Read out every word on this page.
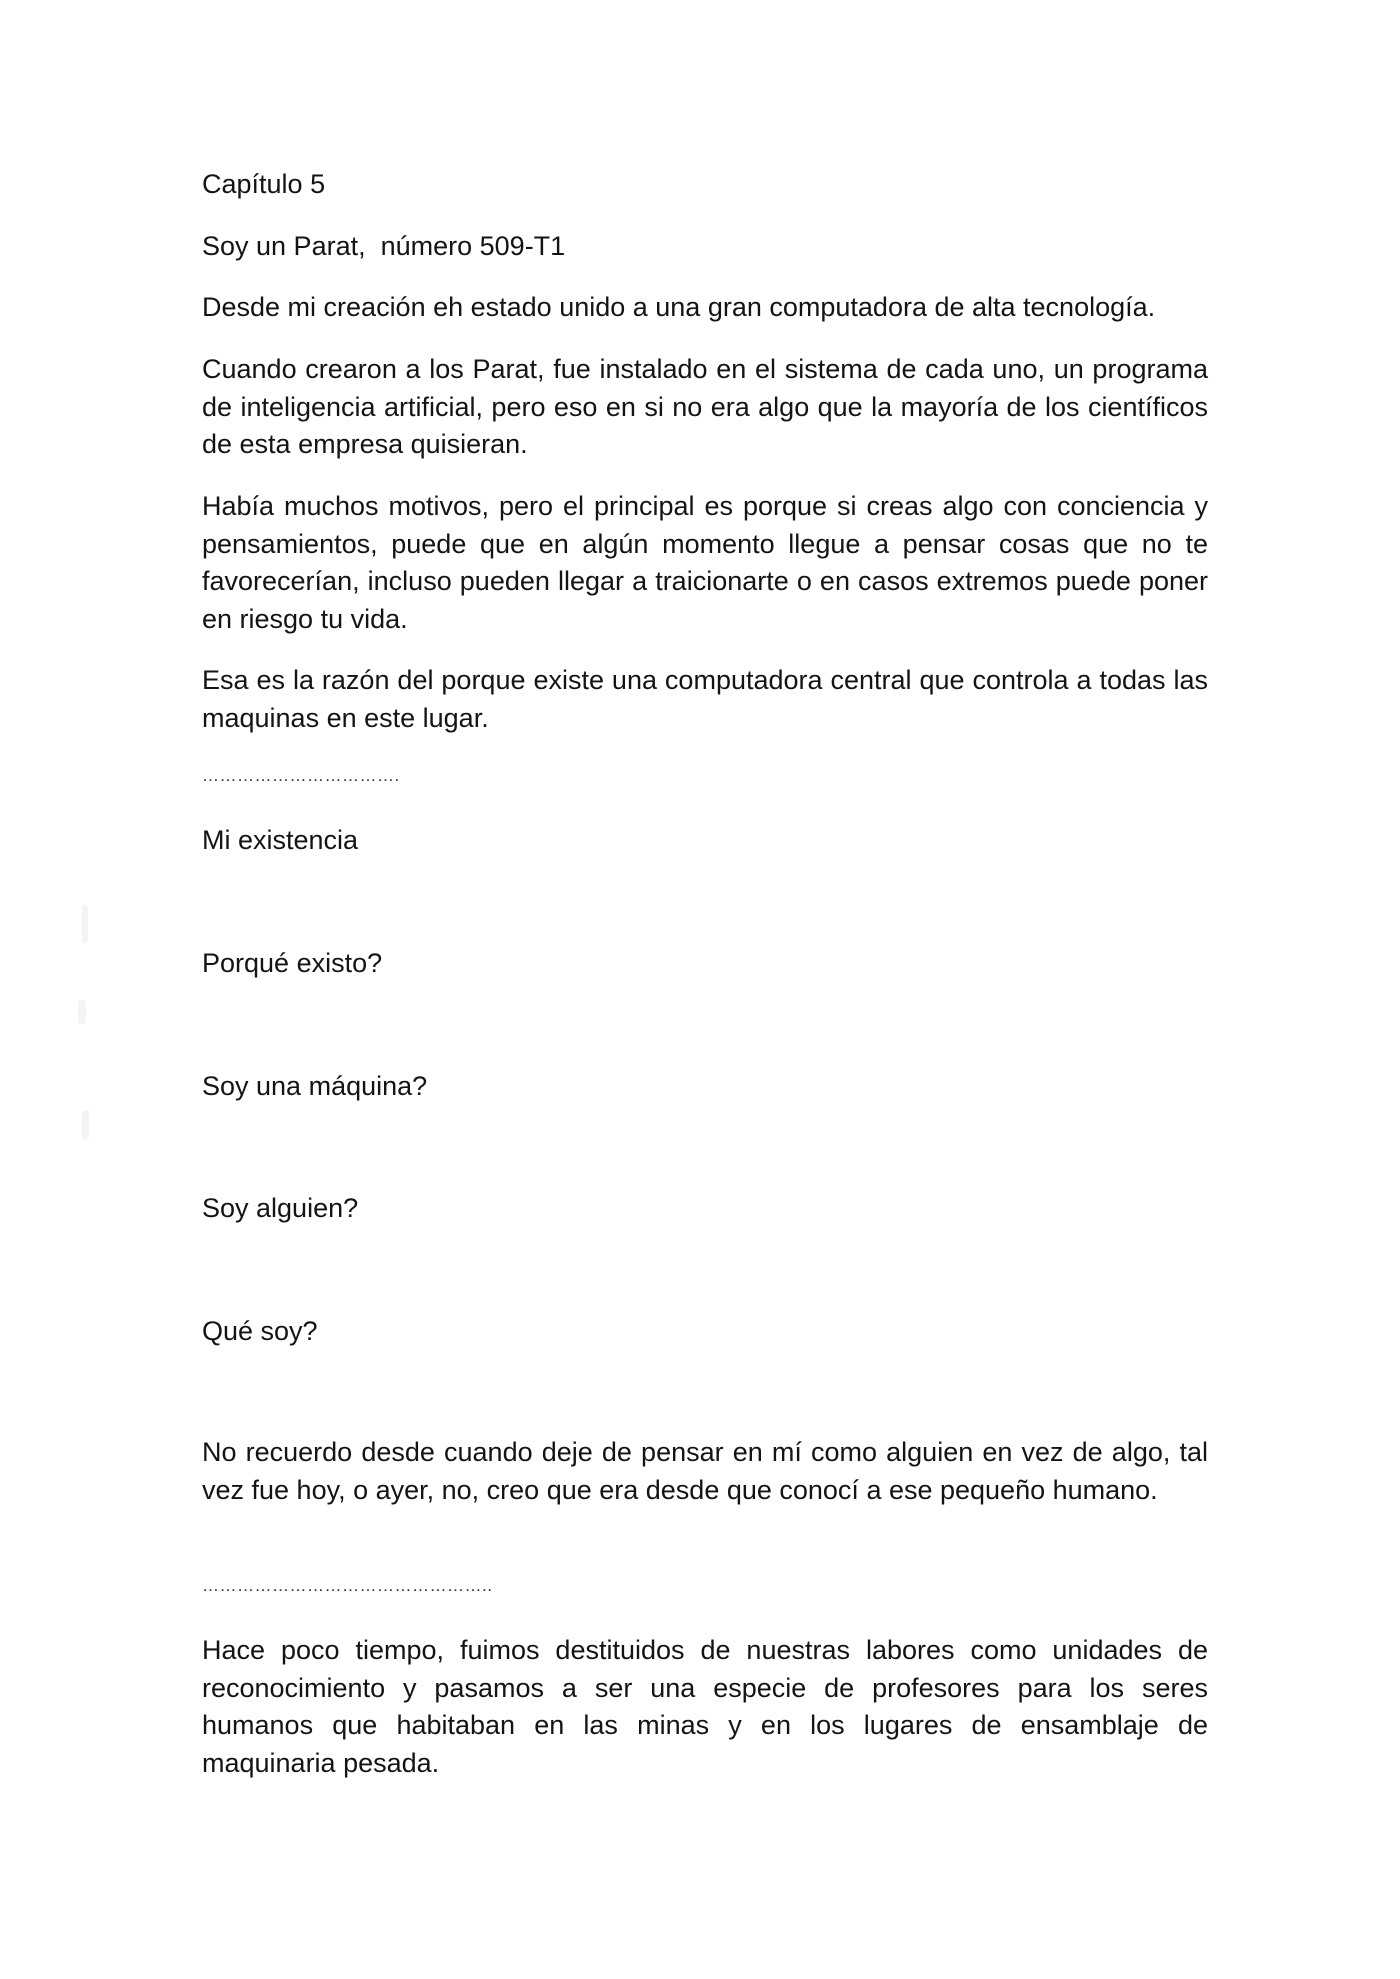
Capítulo 5

Soy un Parat,  número 509-T1

Desde mi creación eh estado unido a una gran computadora de alta tecnología.

Cuando crearon a los Parat, fue instalado en el sistema de cada uno, un programa de inteligencia artificial, pero eso en si no era algo que la mayoría de los científicos de esta empresa quisieran.

Había muchos motivos, pero el principal es porque si creas algo con conciencia y pensamientos, puede que en algún momento llegue a pensar cosas que no te favorecerían, incluso pueden llegar a traicionarte o en casos extremos puede poner en riesgo tu vida.

Esa es la razón del porque existe una computadora central que controla a todas las maquinas en este lugar.

…………………………….

Mi existencia

Porqué existo?

Soy una máquina?

Soy alguien?

Qué soy?

No recuerdo desde cuando deje de pensar en mí como alguien en vez de algo, tal vez fue hoy, o ayer, no, creo que era desde que conocí a ese pequeño humano.

…………………………………………..

Hace poco tiempo, fuimos destituidos de nuestras labores como unidades de reconocimiento y pasamos a ser una especie de profesores para los seres humanos que habitaban en las minas y en los lugares de ensamblaje de maquinaria pesada.
